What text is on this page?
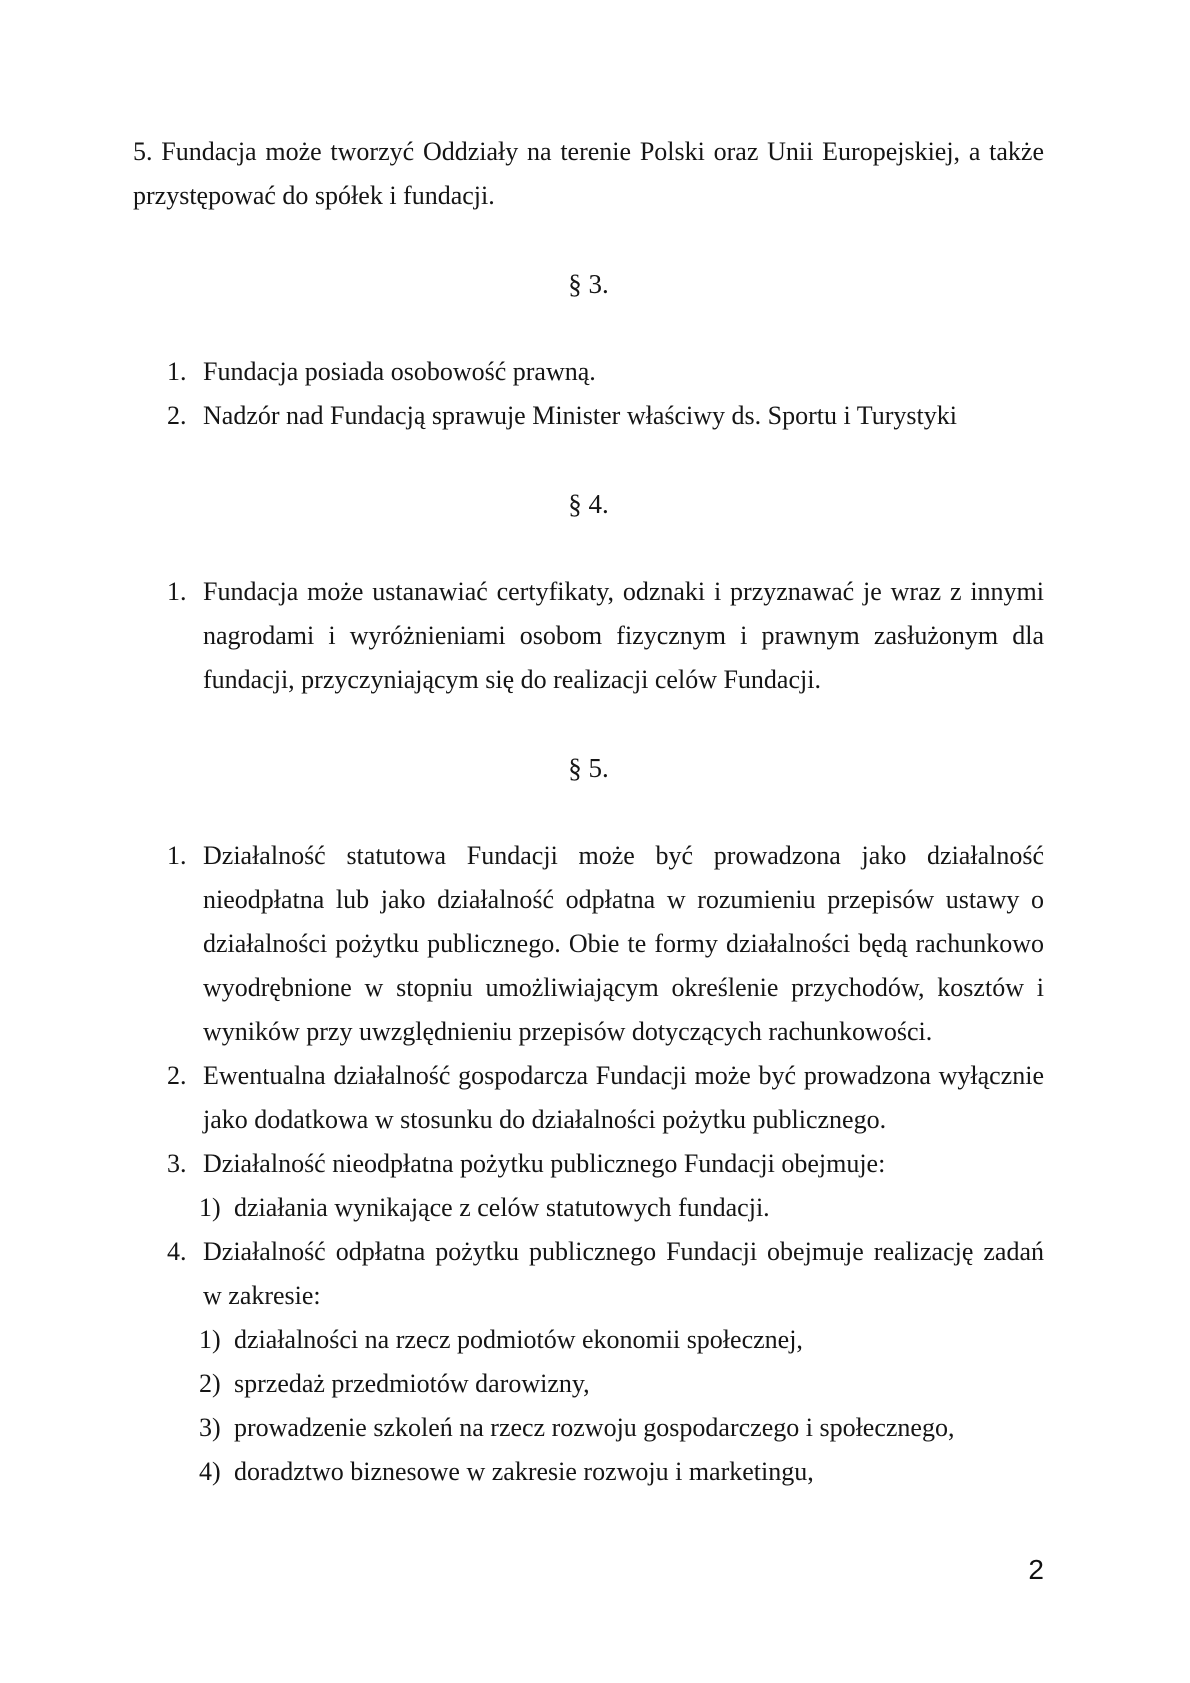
5. Fundacja może tworzyć Oddziały na terenie Polski oraz Unii Europejskiej, a także przystępować do spółek i fundacji.

§ 3.
1. Fundacja posiada osobowość prawną.
2. Nadzór nad Fundacją sprawuje Minister właściwy ds. Sportu i Turystyki
§ 4.
1. Fundacja może ustanawiać certyfikaty, odznaki i przyznawać je wraz z innymi nagrodami i wyróżnieniami osobom fizycznym i prawnym zasłużonym dla fundacji, przyczyniającym się do realizacji celów Fundacji.
§ 5.
1. Działalność statutowa Fundacji może być prowadzona jako działalność nieodpłatna lub jako działalność odpłatna w rozumieniu przepisów ustawy o działalności pożytku publicznego. Obie te formy działalności będą rachunkowo wyodrębnione w stopniu umożliwiającym określenie przychodów, kosztów i wyników przy uwzględnieniu przepisów dotyczących rachunkowości.
2. Ewentualna działalność gospodarcza Fundacji może być prowadzona wyłącznie jako dodatkowa w stosunku do działalności pożytku publicznego.
3. Działalność nieodpłatna pożytku publicznego Fundacji obejmuje:
1) działania wynikające z celów statutowych fundacji.
4. Działalność odpłatna pożytku publicznego Fundacji obejmuje realizację zadań w zakresie:
1) działalności na rzecz podmiotów ekonomii społecznej,
2) sprzedaż przedmiotów darowizny,
3) prowadzenie szkoleń na rzecz rozwoju gospodarczego i społecznego,
4) doradztwo biznesowe w zakresie rozwoju i marketingu,
2
